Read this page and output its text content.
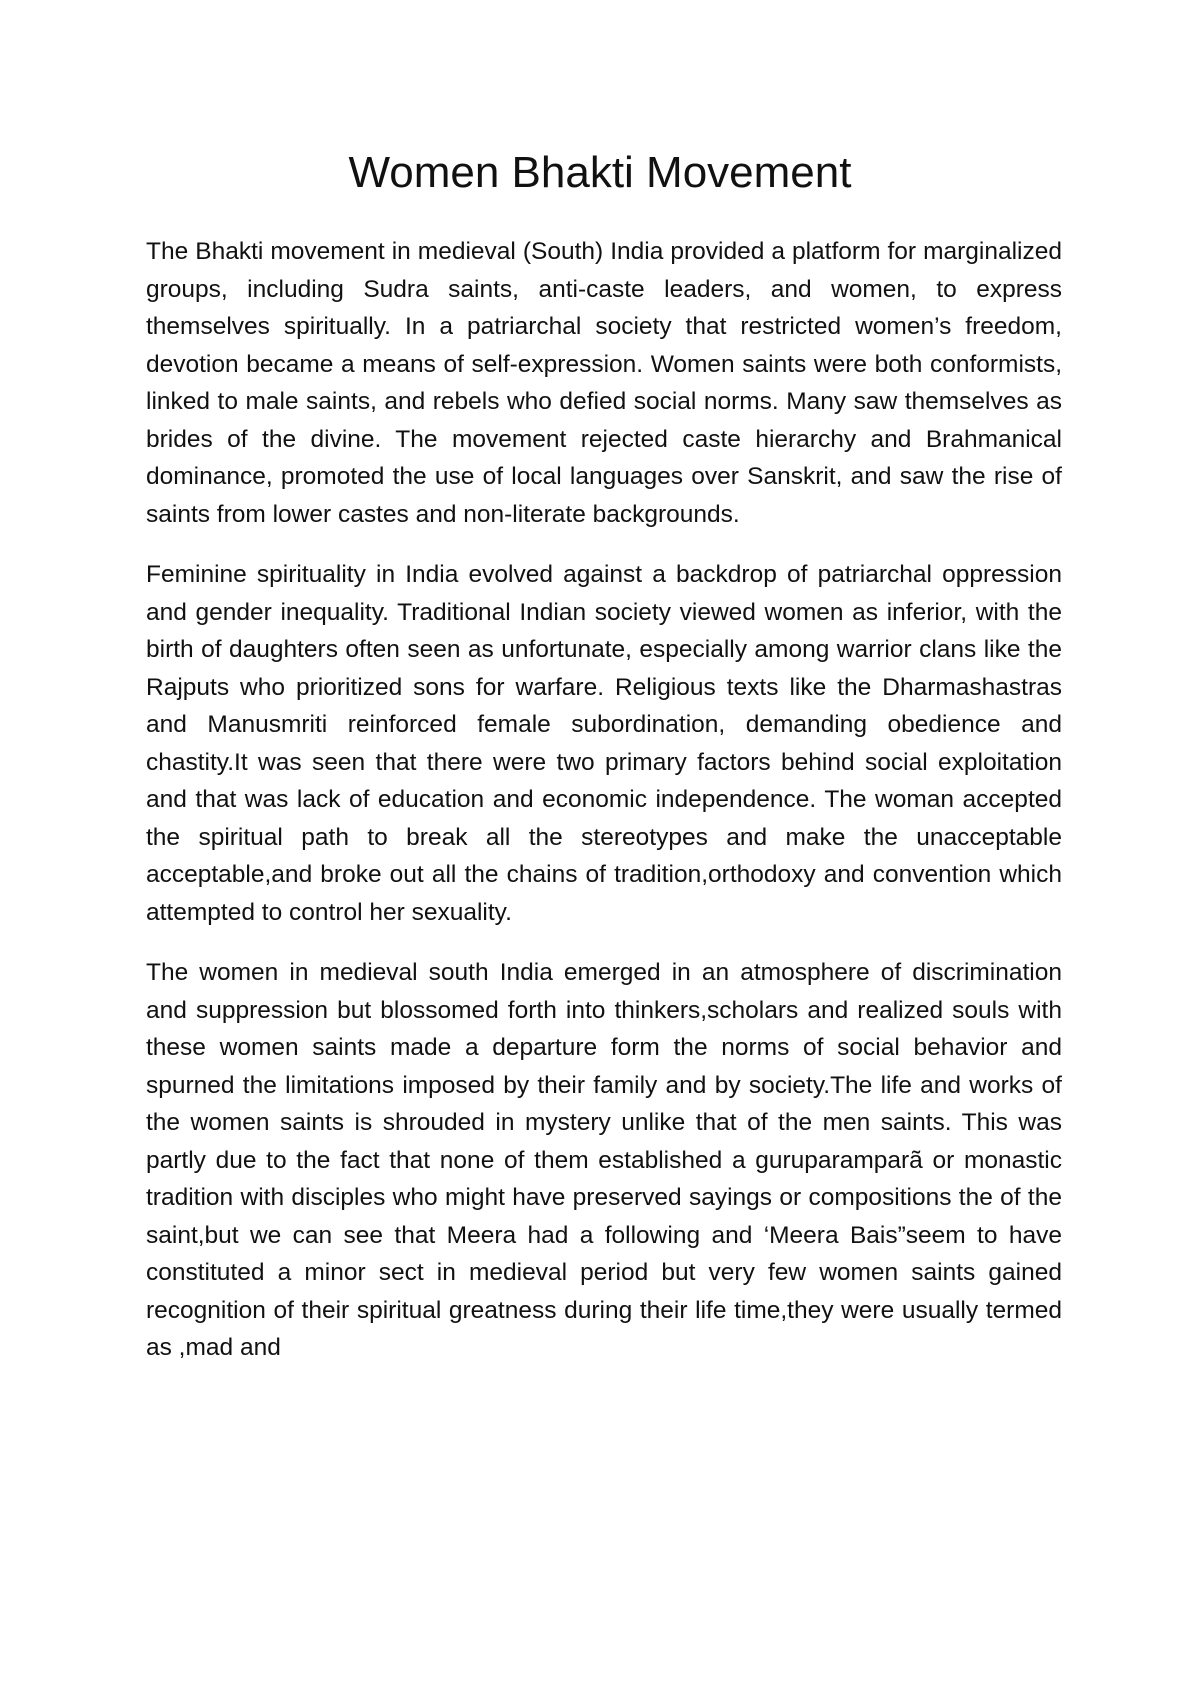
Women Bhakti Movement

The Bhakti movement in medieval (South) India provided a platform for marginalized groups, including Sudra saints, anti-caste leaders, and women, to express themselves spiritually. In a patriarchal society that restricted women’s freedom, devotion became a means of self-expression. Women saints were both conformists, linked to male saints, and rebels who defied social norms. Many saw themselves as brides of the divine. The movement rejected caste hierarchy and Brahmanical dominance, promoted the use of local languages over Sanskrit, and saw the rise of saints from lower castes and non-literate backgrounds.

Feminine spirituality in India evolved against a backdrop of patriarchal oppression and gender inequality. Traditional Indian society viewed women as inferior, with the birth of daughters often seen as unfortunate, especially among warrior clans like the Rajputs who prioritized sons for warfare. Religious texts like the Dharmashastras and Manusmriti reinforced female subordination, demanding obedience and chastity.It was seen that there were two primary factors behind social exploitation and that was lack of education and economic independence. The woman accepted the spiritual path to break all the stereotypes and make the unacceptable acceptable,and broke out all the chains of tradition,orthodoxy and convention which attempted to control her sexuality.

The women in medieval south India emerged in an atmosphere of discrimination and suppression but blossomed forth into thinkers,scholars and realized souls with these women saints made a departure form the norms of social behavior and spurned the limitations imposed by their family and by society.The life and works of the women saints is shrouded in mystery unlike that of the men saints. This was partly due to the fact that none of them established a guruparamparã or monastic tradition with disciples who might have preserved sayings or compositions the of the saint,but we can see that Meera had a following and ‘Meera Bais”seem to have constituted a minor sect in medieval period but very few women saints gained recognition of their spiritual greatness during their life time,they were usually termed as ,mad and
